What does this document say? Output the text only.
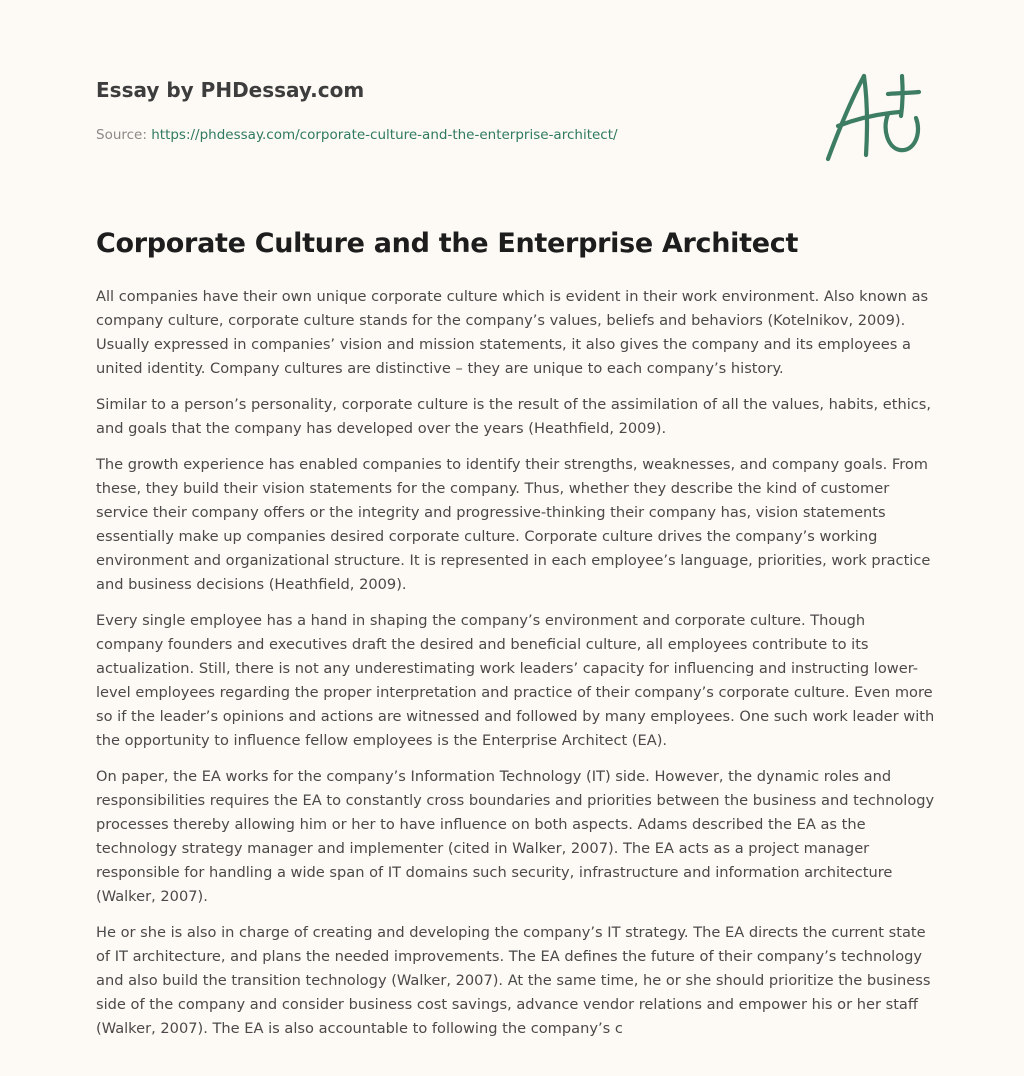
Essay by PHDessay.com
Source: https://phdessay.com/corporate-culture-and-the-enterprise-architect/
Corporate Culture and the Enterprise Architect

All companies have their own unique corporate culture which is evident in their work environment. Also known as company culture, corporate culture stands for the company’s values, beliefs and behaviors (Kotelnikov, 2009). Usually expressed in companies’ vision and mission statements, it also gives the company and its employees a united identity. Company cultures are distinctive – they are unique to each company’s history.

Similar to a person’s personality, corporate culture is the result of the assimilation of all the values, habits, ethics, and goals that the company has developed over the years (Heathfield, 2009).

The growth experience has enabled companies to identify their strengths, weaknesses, and company goals. From these, they build their vision statements for the company. Thus, whether they describe the kind of customer service their company offers or the integrity and progressive-thinking their company has, vision statements essentially make up companies desired corporate culture. Corporate culture drives the company’s working environment and organizational structure. It is represented in each employee’s language, priorities, work practice and business decisions (Heathfield, 2009).

Every single employee has a hand in shaping the company’s environment and corporate culture. Though company founders and executives draft the desired and beneficial culture, all employees contribute to its actualization. Still, there is not any underestimating work leaders’ capacity for influencing and instructing lower-level employees regarding the proper interpretation and practice of their company’s corporate culture. Even more so if the leader’s opinions and actions are witnessed and followed by many employees. One such work leader with the opportunity to influence fellow employees is the Enterprise Architect (EA).

On paper, the EA works for the company’s Information Technology (IT) side. However, the dynamic roles and responsibilities requires the EA to constantly cross boundaries and priorities between the business and technology processes thereby allowing him or her to have influence on both aspects. Adams described the EA as the technology strategy manager and implementer (cited in Walker, 2007). The EA acts as a project manager responsible for handling a wide span of IT domains such security, infrastructure and information architecture (Walker, 2007).

He or she is also in charge of creating and developing the company’s IT strategy. The EA directs the current state of IT architecture, and plans the needed improvements. The EA defines the future of their company’s technology and also build the transition technology (Walker, 2007). At the same time, he or she should prioritize the business side of the company and consider business cost savings, advance vendor relations and empower his or her staff (Walker, 2007). The EA is also accountable to following the company’s c
